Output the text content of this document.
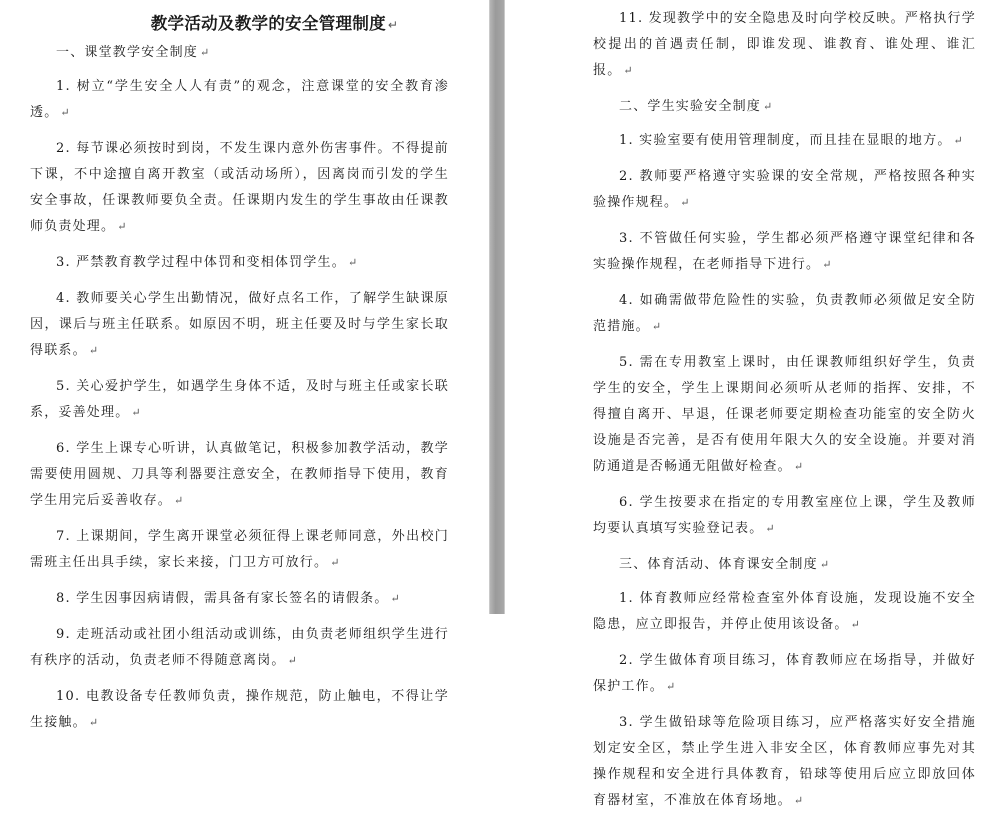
教学活动及教学的安全管理制度 ↵
一、课堂教学安全制度 ↵
1. 树立“学生安全人人有责”的观念，注意课堂的安全教育渗透。 ↵
2. 每节课必须按时到岗，不发生课内意外伤害事件。不得提前下课，不中途擅自离开教室（或活动场所），因离岗而引发的学生安全事故，任课教师要负全责。任课期内发生的学生事故由任课教师负责处理。 ↵
3. 严禁教育教学过程中体罚和变相体罚学生。 ↵
4. 教师要关心学生出勤情况，做好点名工作，了解学生缺课原因，课后与班主任联系。如原因不明，班主任要及时与学生家长取得联系。 ↵
5. 关心爱护学生，如遇学生身体不适，及时与班主任或家长联系，妥善处理。 ↵
6. 学生上课专心听讲，认真做笔记，积极参加教学活动，教学需要使用圆规、刀具等利器要注意安全，在教师指导下使用，教育学生用完后妥善收存。 ↵
7. 上课期间，学生离开课堂必须征得上课老师同意，外出校门需班主任出具手续，家长来接，门卫方可放行。 ↵
8. 学生因事因病请假，需具备有家长签名的请假条。 ↵
9. 走班活动或社团小组活动或训练，由负责老师组织学生进行有秩序的活动，负责老师不得随意离岗。 ↵
10. 电教设备专任教师负责，操作规范，防止触电，不得让学生接触。 ↵
11. 发现教学中的安全隐患及时向学校反映。严格执行学校提出的首遇责任制，即谁发现、谁教育、谁处理、谁汇报。 ↵
二、学生实验安全制度 ↵
1. 实验室要有使用管理制度，而且挂在显眼的地方。 ↵
2. 教师要严格遵守实验课的安全常规，严格按照各种实验操作规程。 ↵
3. 不管做任何实验，学生都必须严格遵守课堂纪律和各实验操作规程，在老师指导下进行。 ↵
4. 如确需做带危险性的实验，负责教师必须做足安全防范措施。 ↵
5. 需在专用教室上课时，由任课教师组织好学生，负责学生的安全，学生上课期间必须听从老师的指挥、安排，不得擅自离开、早退，任课老师要定期检查功能室的安全防火设施是否完善，是否有使用年限大久的安全设施。并要对消防通道是否畅通无阻做好检查。 ↵
6. 学生按要求在指定的专用教室座位上课，学生及教师均要认真填写实验登记表。 ↵
三、体育活动、体育课安全制度 ↵
1. 体育教师应经常检查室外体育设施，发现设施不安全隐患，应立即报告，并停止使用该设备。 ↵
2. 学生做体育项目练习，体育教师应在场指导，并做好保护工作。 ↵
3. 学生做铅球等危险项目练习，应严格落实好安全措施划定安全区，禁止学生进入非安全区，体育教师应事先对其操作规程和安全进行具体教育，铅球等使用后应立即放回体育器材室，不准放在体育场地。 ↵
